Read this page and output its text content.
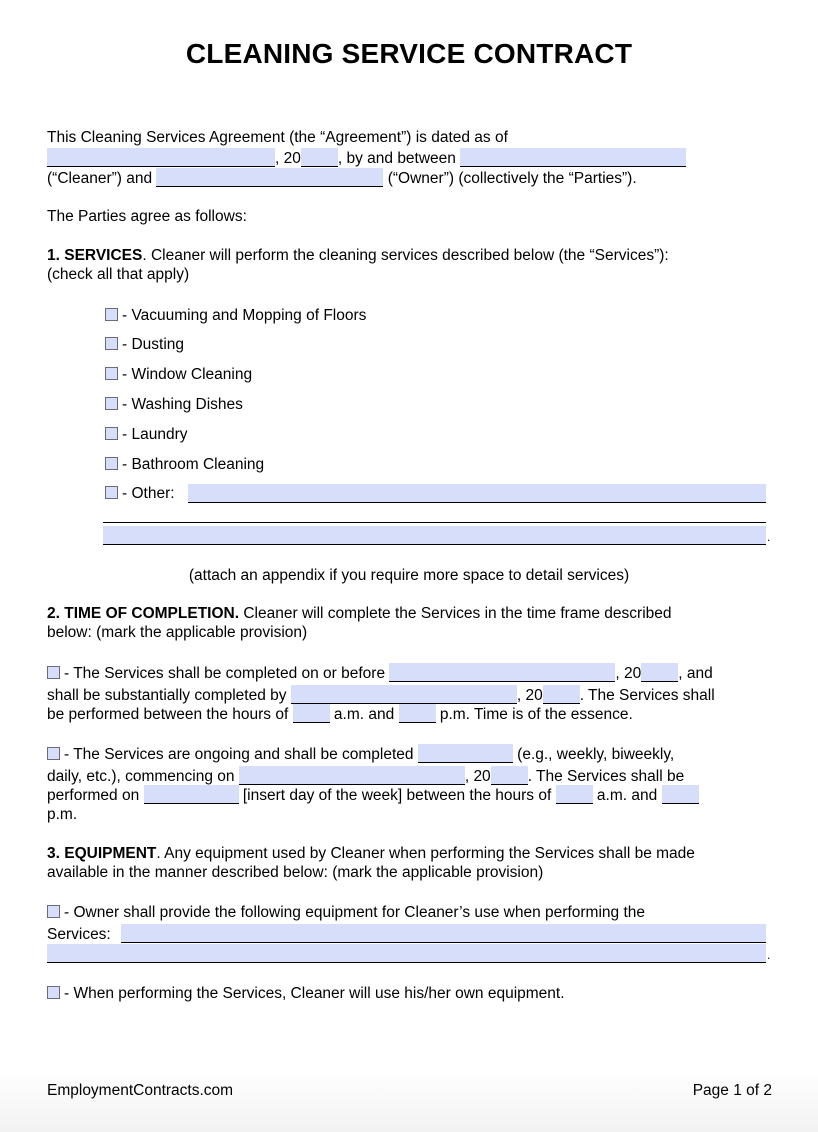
CLEANING SERVICE CONTRACT
This Cleaning Services Agreement (the “Agreement”) is dated as of
, 20 , by and between
(“Cleaner”) and	(“Owner”) (collectively the “Parties”).
The Parties agree as follows:
1. SERVICES. Cleaner will perform the cleaning services described below (the “Services”):
(check all that apply)
- Vacuuming and Mopping of Floors
- Dusting
- Window Cleaning
- Washing Dishes
- Laundry
- Bathroom Cleaning
- Other:
.
(attach an appendix if you require more space to detail services)
2. TIME OF COMPLETION. Cleaner will complete the Services in the time frame described
below: (mark the applicable provision)
- The Services shall be completed on or before	, 20 , and
shall be substantially completed by	, 20 . The Services shall
be performed between the hours of	a.m. and	p.m. Time is of the essence.
- The Services are ongoing and shall be completed	(e.g., weekly, biweekly,
daily, etc.), commencing on	, 20 . The Services shall be
performed on	[insert day of the week] between the hours of	a.m. and
p.m.
3. EQUIPMENT. Any equipment used by Cleaner when performing the Services shall be made
available in the manner described below: (mark the applicable provision)
- Owner shall provide the following equipment for Cleaner’s use when performing the
Services:
.
- When performing the Services, Cleaner will use his/her own equipment.
EmploymentContracts.com	Page 1 of 2
